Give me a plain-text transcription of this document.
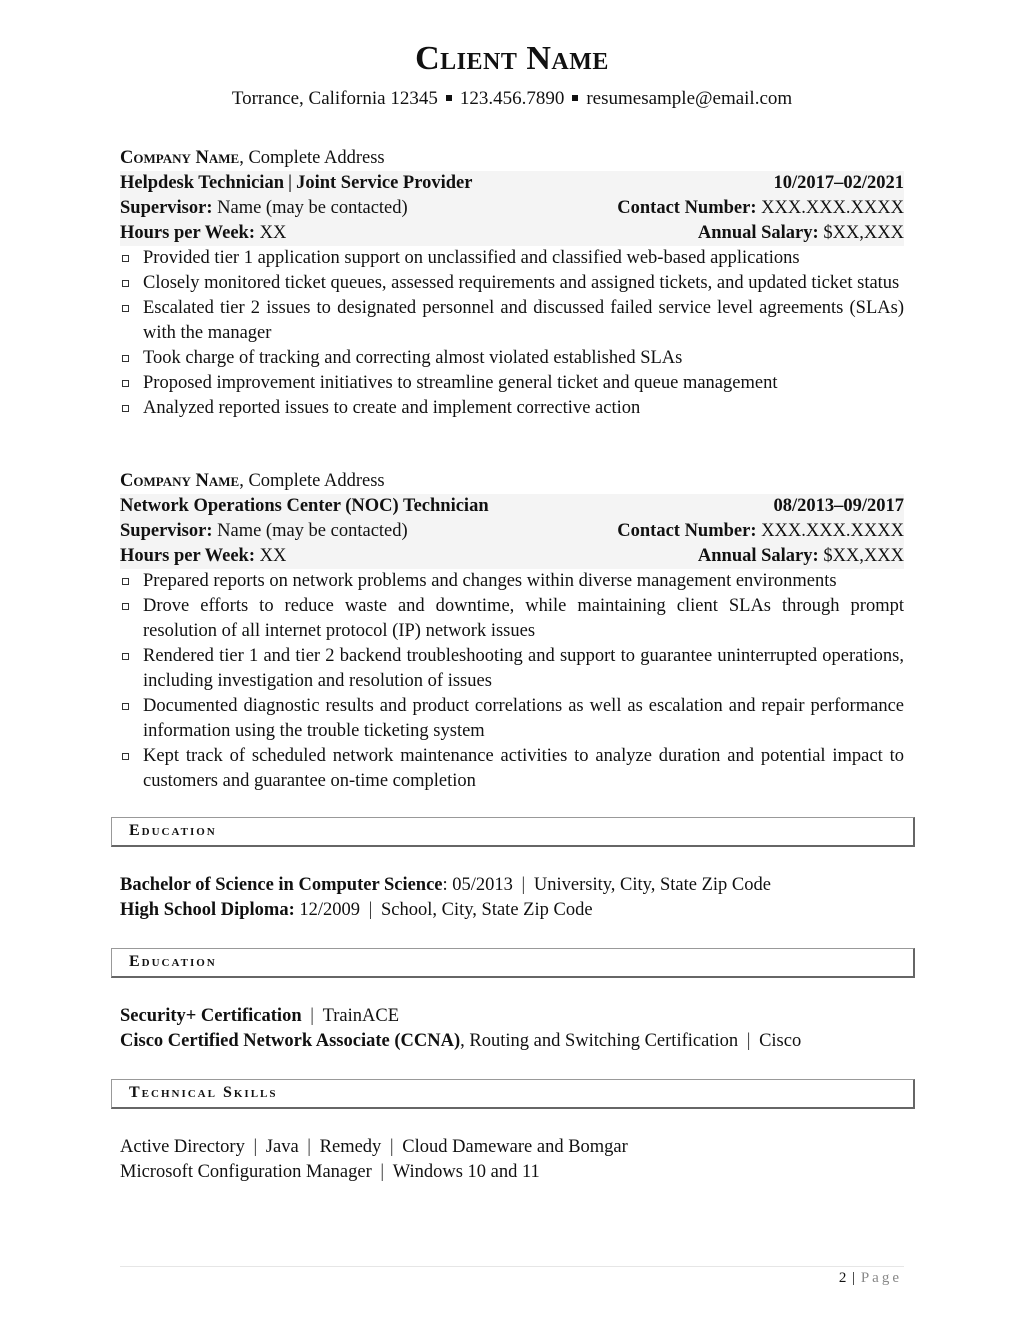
Client Name
Torrance, California 12345 123.456.7890 resumesample@email.com
Company Name, Complete Address
Helpdesk Technician | Joint Service Provider	10/2017–02/2021
Supervisor: Name (may be contacted)	Contact Number: XXX.XXX.XXXX
Hours per Week: XX	Annual Salary: $XX,XXX
Provided tier 1 application support on unclassified and classified web-based applications
Closely monitored ticket queues, assessed requirements and assigned tickets, and updated ticket status
Escalated tier 2 issues to designated personnel and discussed failed service level agreements (SLAs) with the manager
Took charge of tracking and correcting almost violated established SLAs
Proposed improvement initiatives to streamline general ticket and queue management
Analyzed reported issues to create and implement corrective action
Company Name, Complete Address
Network Operations Center (NOC) Technician	08/2013–09/2017
Supervisor: Name (may be contacted)	Contact Number: XXX.XXX.XXXX
Hours per Week: XX	Annual Salary: $XX,XXX
Prepared reports on network problems and changes within diverse management environments
Drove efforts to reduce waste and downtime, while maintaining client SLAs through prompt resolution of all internet protocol (IP) network issues
Rendered tier 1 and tier 2 backend troubleshooting and support to guarantee uninterrupted operations, including investigation and resolution of issues
Documented diagnostic results and product correlations as well as escalation and repair performance information using the trouble ticketing system
Kept track of scheduled network maintenance activities to analyze duration and potential impact to customers and guarantee on-time completion
Education
Bachelor of Science in Computer Science: 05/2013 | University, City, State Zip Code
High School Diploma: 12/2009 | School, City, State Zip Code
Education
Security+ Certification | TrainACE
Cisco Certified Network Associate (CCNA), Routing and Switching Certification | Cisco
Technical Skills
Active Directory | Java | Remedy | Cloud Dameware and Bomgar
Microsoft Configuration Manager | Windows 10 and 11
2 | Page
